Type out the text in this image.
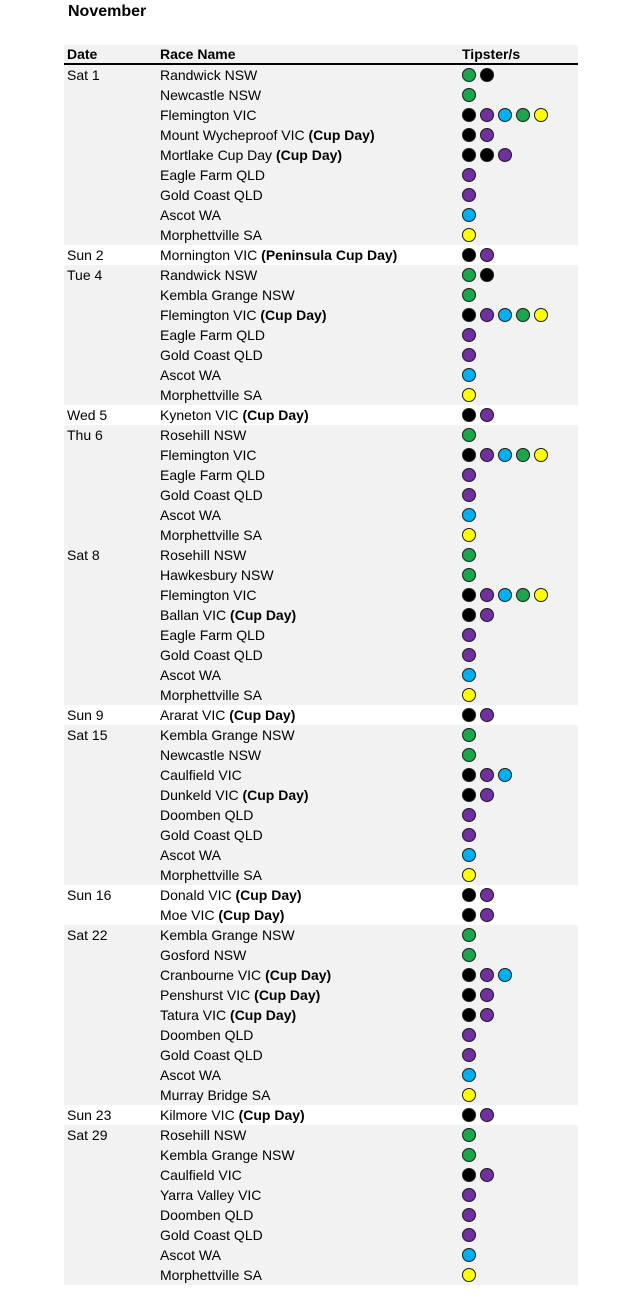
November
Date	Race Name	Tipster/s
Sat 1	Randwick NSW
Newcastle NSW
Flemington VIC
Mount Wycheproof VIC (Cup Day)
Mortlake Cup Day (Cup Day)
Eagle Farm QLD
Gold Coast QLD
Ascot WA
Morphettville SA
Sun 2	Mornington VIC (Peninsula Cup Day)
Tue 4	Randwick NSW
Kembla Grange NSW
Flemington VIC (Cup Day)
Eagle Farm QLD
Gold Coast QLD
Ascot WA
Morphettville SA
Wed 5	Kyneton VIC (Cup Day)
Thu 6	Rosehill NSW
Flemington VIC
Eagle Farm QLD
Gold Coast QLD
Ascot WA
Morphettville SA
Sat 8	Rosehill NSW
Hawkesbury NSW
Flemington VIC
Ballan VIC (Cup Day)
Eagle Farm QLD
Gold Coast QLD
Ascot WA
Morphettville SA
Sun 9	Ararat VIC (Cup Day)
Sat 15	Kembla Grange NSW
Newcastle NSW
Caulfield VIC
Dunkeld VIC (Cup Day)
Doomben QLD
Gold Coast QLD
Ascot WA
Morphettville SA
Sun 16	Donald VIC (Cup Day)
Moe VIC (Cup Day)
Sat 22	Kembla Grange NSW
Gosford NSW
Cranbourne VIC (Cup Day)
Penshurst VIC (Cup Day)
Tatura VIC (Cup Day)
Doomben QLD
Gold Coast QLD
Ascot WA
Murray Bridge SA
Sun 23	Kilmore VIC (Cup Day)
Sat 29	Rosehill NSW
Kembla Grange NSW
Caulfield VIC
Yarra Valley VIC
Doomben QLD
Gold Coast QLD
Ascot WA
Morphettville SA
